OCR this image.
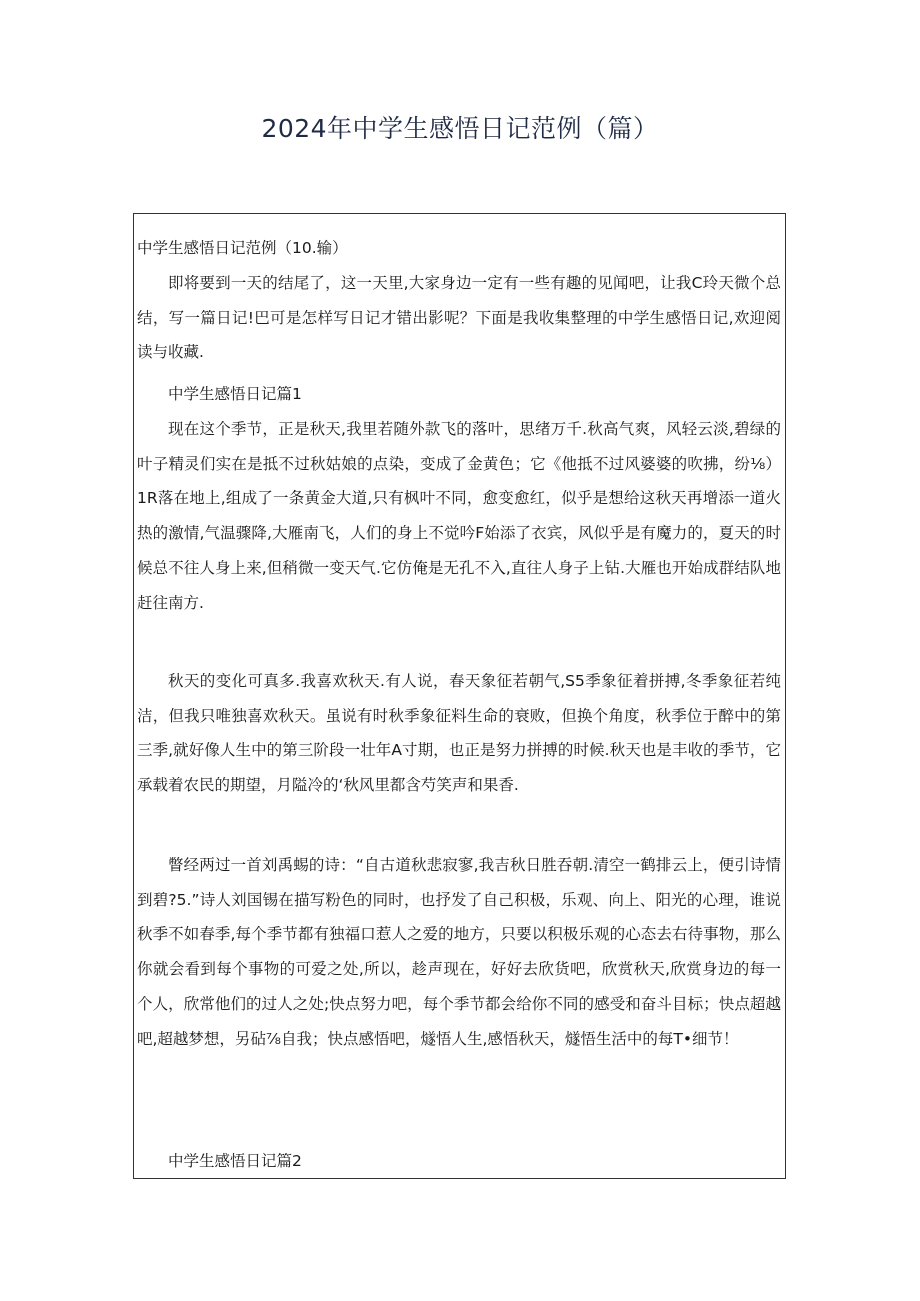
2024年中学生感悟日记范例（篇）
中学生感悟日记范例（10.输）

即将要到一天的结尾了，这一天里,大家身边一定有一些有趣的见闻吧，让我C玲天微个总结，写一篇日记!巴可是怎样写日记才错出影呢？下面是我收集整理的中学生感悟日记,欢迎阅读与收藏.

中学生感悟日记篇1

现在这个季节，正是秋天,我里若随外款飞的落叶，思绪万千.秋高气爽，风轻云淡,碧绿的叶子精灵们实在是抵不过秋姑娘的点染，变成了金黄色；它《他抵不过风婆婆的吹拂，纷⅛）1R落在地上,组成了一条黄金大道,只有枫叶不同，愈变愈红，似乎是想给这秋天再增添一道火热的激情,气温骤降,大雁南飞，人们的身上不觉吟F始添了衣宾，风似乎是有魔力的，夏天的时候总不往人身上来,但稍微一变天气.它仿俺是无孔不入,直往人身子上钻.大雁也开始成群结队地赶往南方.

秋天的变化可真多.我喜欢秋天.有人说，春天象征若朝气,S5季象征着拼搏,冬季象征若纯洁，但我只唯独喜欢秋天。虽说有时秋季象征料生命的衰败，但换个角度，秋季位于醉中的第三季,就好像人生中的第三阶段一壮年A寸期，也正是努力拼搏的时候.秋天也是丰收的季节，它承载着农民的期望，月隘冷的‘秋风里都含芍笑声和果香.

瞥经两过一首刘禹蜴的诗：“自古道秋悲寂寥,我吉秋日胜吞朝.清空一鹤排云上，便引诗情到碧?5.”诗人刘国锡在描写粉色的同时，也抒发了自己积极，乐观、向上、阳光的心理，谁说秋季不如春季,每个季节都有独福口惹人之爱的地方，只要以积极乐观的心态去右待事物，那么你就会看到每个事物的可爱之处,所以，趁声现在，好好去欣货吧，欣赏秋天,欣赏身边的每一个人，欣常他们的过人之处;快点努力吧，每个季节都会给你不同的感受和奋斗目标；快点超越吧,超越梦想，另砧⅞自我；快点感悟吧，燧悟人生,感悟秋天，燧悟生活中的每T•细节！

中学生感悟日记篇2
